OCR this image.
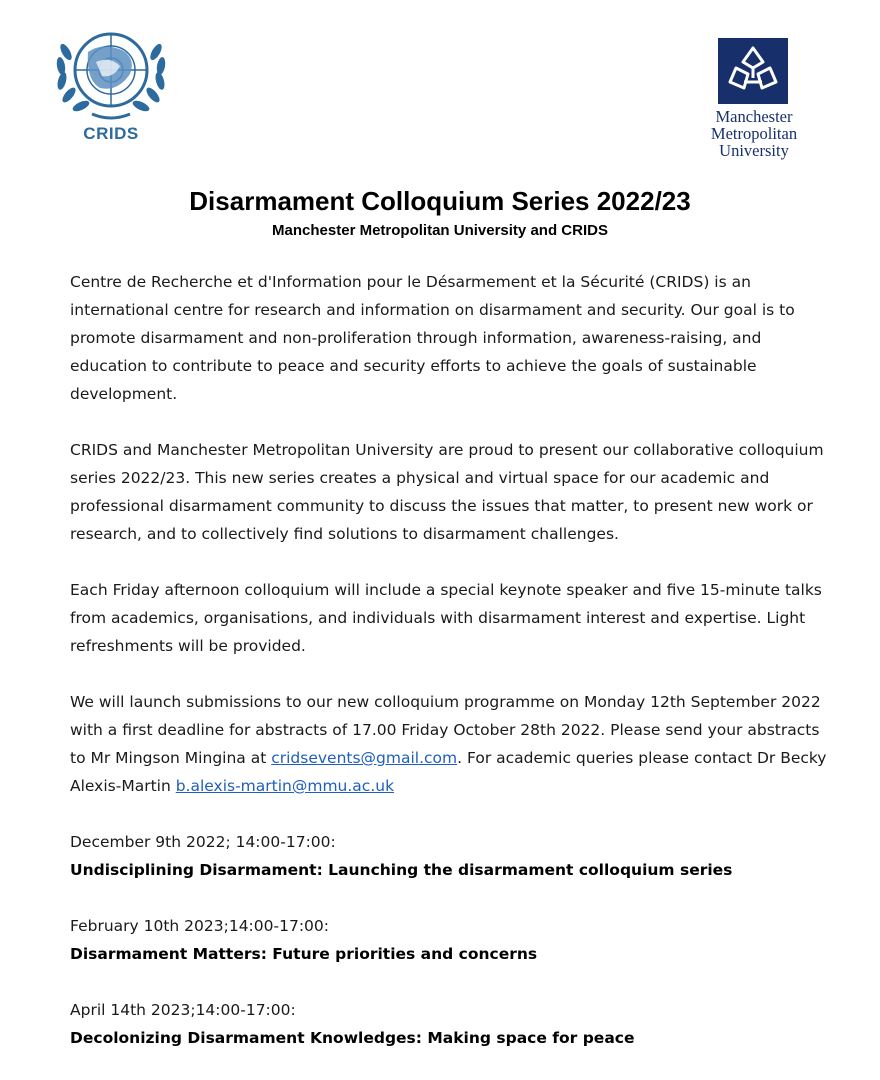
CRIDS
Manchester
Metropolitan
University
Disarmament Colloquium Series 2022/23
Manchester Metropolitan University and CRIDS

Centre de Recherche et d'Information pour le Désarmement et la Sécurité (CRIDS) is an international centre for research and information on disarmament and security. Our goal is to promote disarmament and non-proliferation through information, awareness-raising, and education to contribute to peace and security efforts to achieve the goals of sustainable development.

CRIDS and Manchester Metropolitan University are proud to present our collaborative colloquium series 2022/23. This new series creates a physical and virtual space for our academic and professional disarmament community to discuss the issues that matter, to present new work or research, and to collectively find solutions to disarmament challenges.

Each Friday afternoon colloquium will include a special keynote speaker and five 15-minute talks from academics, organisations, and individuals with disarmament interest and expertise. Light refreshments will be provided.

We will launch submissions to our new colloquium programme on Monday 12th September 2022 with a first deadline for abstracts of 17.00 Friday October 28th 2022. Please send your abstracts to Mr Mingson Mingina at cridsevents@gmail.com. For academic queries please contact Dr Becky Alexis-Martin b.alexis-martin@mmu.ac.uk

December 9th 2022; 14:00-17:00:
Undisciplining Disarmament: Launching the disarmament colloquium series
February 10th 2023;14:00-17:00:
Disarmament Matters: Future priorities and concerns
April 14th 2023;14:00-17:00:
Decolonizing Disarmament Knowledges: Making space for peace
